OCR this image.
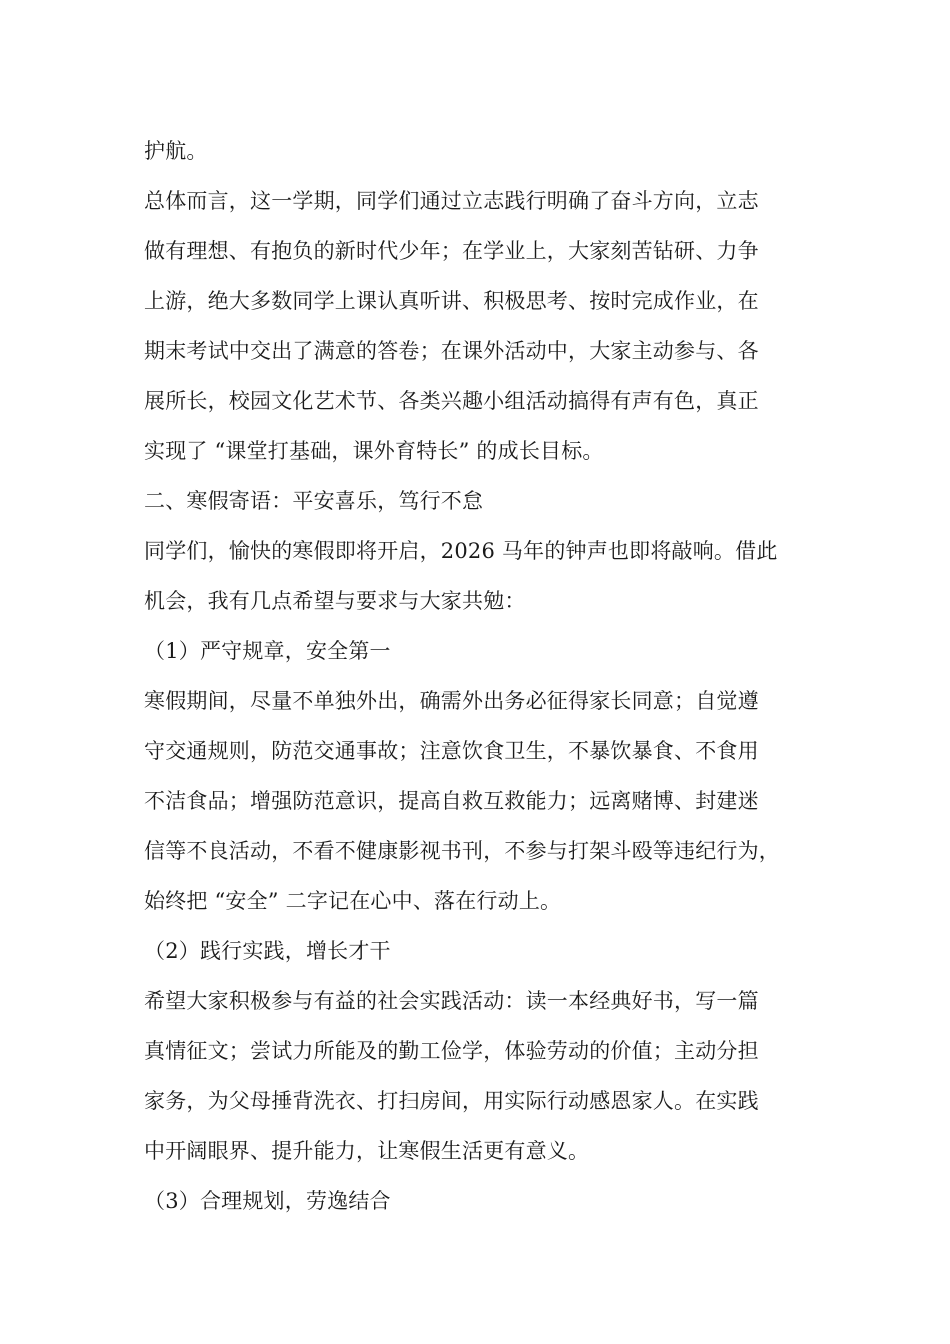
护航。
总体而言，这一学期，同学们通过立志践行明确了奋斗方向，立志
做有理想、有抱负的新时代少年；在学业上，大家刻苦钻研、力争
上游，绝大多数同学上课认真听讲、积极思考、按时完成作业，在
期末考试中交出了满意的答卷；在课外活动中，大家主动参与、各
展所长，校园文化艺术节、各类兴趣小组活动搞得有声有色，真正
实现了 “课堂打基础，课外育特长” 的成长目标。
二、寒假寄语：平安喜乐，笃行不怠
同学们，愉快的寒假即将开启，2026 马年的钟声也即将敲响。借此
机会，我有几点希望与要求与大家共勉：
（1）严守规章，安全第一
寒假期间，尽量不单独外出，确需外出务必征得家长同意；自觉遵
守交通规则，防范交通事故；注意饮食卫生，不暴饮暴食、不食用
不洁食品；增强防范意识，提高自救互救能力；远离赌博、封建迷
信等不良活动，不看不健康影视书刊，不参与打架斗殴等违纪行为，
始终把 “安全” 二字记在心中、落在行动上。
（2）践行实践，增长才干
希望大家积极参与有益的社会实践活动：读一本经典好书，写一篇
真情征文；尝试力所能及的勤工俭学，体验劳动的价值；主动分担
家务，为父母捶背洗衣、打扫房间，用实际行动感恩家人。在实践
中开阔眼界、提升能力，让寒假生活更有意义。
（3）合理规划，劳逸结合
